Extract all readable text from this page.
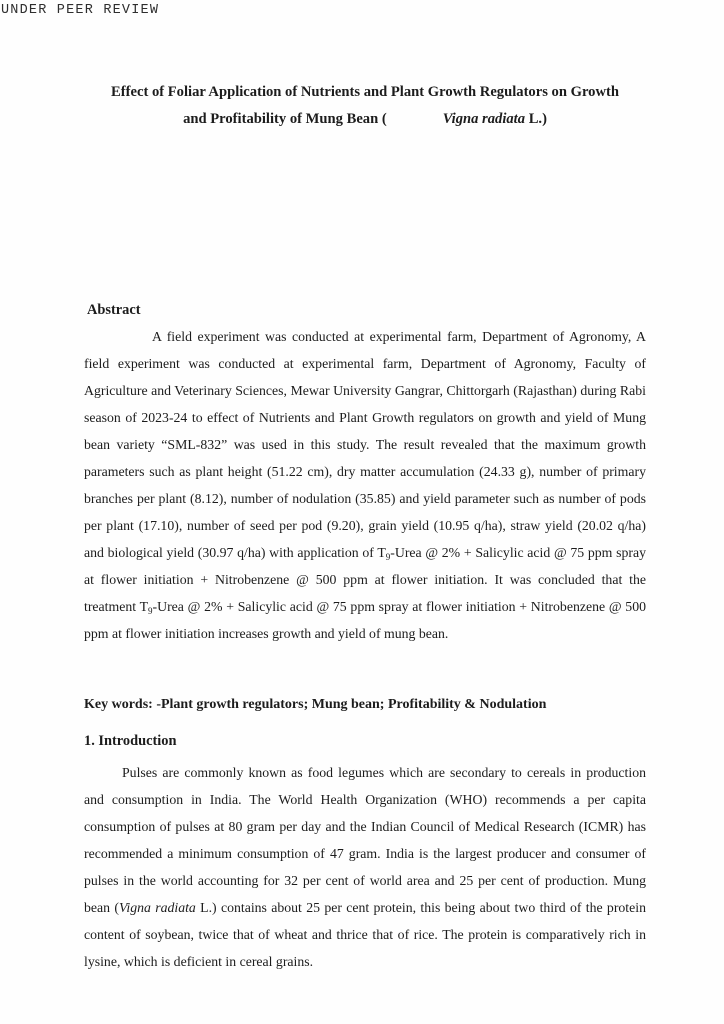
UNDER PEER REVIEW
Effect of Foliar Application of Nutrients and Plant Growth Regulators on Growth
and Profitability of Mung Bean (	Vigna radiata L.)
Abstract
A field experiment was conducted at experimental farm, Department of Agronomy, A field experiment was conducted at experimental farm, Department of Agronomy, Faculty of Agriculture and Veterinary Sciences, Mewar University Gangrar, Chittorgarh (Rajasthan) during Rabi season of 2023-24 to effect of Nutrients and Plant Growth regulators on growth and yield of Mung bean variety “SML-832” was used in this study. The result revealed that the maximum growth parameters such as plant height (51.22 cm), dry matter accumulation (24.33 g), number of primary branches per plant (8.12), number of nodulation (35.85) and yield parameter such as number of pods per plant (17.10), number of seed per pod (9.20), grain yield (10.95 q/ha), straw yield (20.02 q/ha) and biological yield (30.97 q/ha) with application of $T_9$-Urea @ 2% + Salicylic acid @ 75 ppm spray at flower initiation + Nitrobenzene @ 500 ppm at flower initiation. It was concluded that the treatment $T_9$-Urea @ 2% + Salicylic acid @ 75 ppm spray at flower initiation + Nitrobenzene @ 500 ppm at flower initiation increases growth and yield of mung bean.
Key words: -Plant growth regulators; Mung bean; Profitability & Nodulation
1. Introduction
Pulses are commonly known as food legumes which are secondary to cereals in production and consumption in India. The World Health Organization (WHO) recommends a per capita consumption of pulses at 80 gram per day and the Indian Council of Medical Research (ICMR) has recommended a minimum consumption of 47 gram. India is the largest producer and consumer of pulses in the world accounting for 32 per cent of world area and 25 per cent of production. Mung bean (Vigna radiata L.) contains about 25 per cent protein, this being about two third of the protein content of soybean, twice that of wheat and thrice that of rice. The protein is comparatively rich in lysine, which is deficient in cereal grains.
